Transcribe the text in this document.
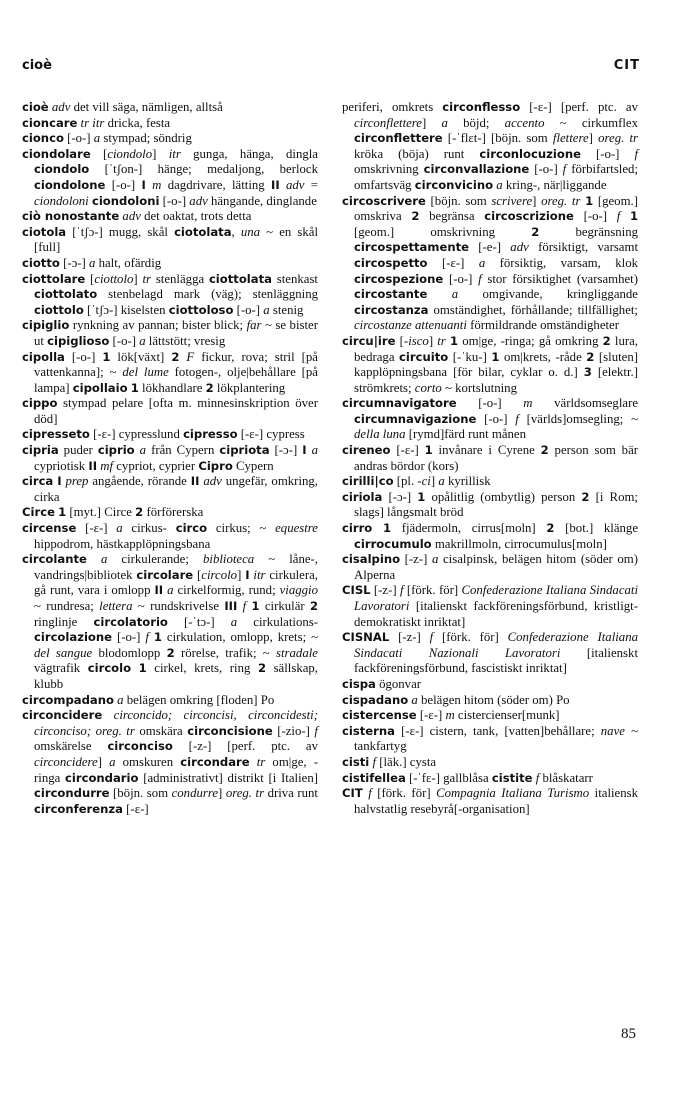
cioè	CIT

cioè adv det vill säga, nämligen, alltså

cioncare tr itr dricka, festa

cionco [-o-] a stympad; söndrig

ciondolare [ciondolo] itr gunga, hänga, dingla ciondolo [ˈtʃon-] hänge; medaljong, berlock ciondolone [-o-] I m dagdrivare, lätting II adv = ciondoloni ciondoloni [-o-] adv hängande, dinglande

ciò nonostante adv det oaktat, trots detta

ciotola [ˈtʃɔ-] mugg, skål ciotolata, una ~ en skål [full]

ciotto [-ɔ-] a halt, ofärdig

ciottolare [ciottolo] tr stenlägga ciottolata stenkast ciottolato stenbelagd mark (väg); stenläggning ciottolo [ˈtʃɔ-] kiselsten ciottoloso [-o-] a stenig

cipiglio rynkning av pannan; bister blick; far ~ se bister ut cipiglioso [-o-] a lättstött; vresig

cipolla [-o-] 1 lök[växt] 2 F fickur, rova; stril [på vattenkanna]; ~ del lume fotogen-, olje|behållare [på lampa] cipollaio 1 lökhandlare 2 lökplantering

cippo stympad pelare [ofta m. minnesinskription över död]

cipresseto [-ɛ-] cypresslund cipresso [-ɛ-] cypress

cipria puder ciprio a från Cypern cipriota [-ɔ-] I a cypriotisk II mf cypriot, cyprier Cipro Cypern

circa I prep angående, rörande II adv ungefär, omkring, cirka

Circe 1 [myt.] Circe 2 förförerska

circense [-ɛ-] a cirkus- circo cirkus; ~ equestre hippodrom, hästkapplöpningsbana

circolante a cirkulerande; biblioteca ~ låne-, vandrings|bibliotek circolare [circolo] I itr cirkulera, gå runt, vara i omlopp II a cirkelformig, rund; viaggio ~ rundresa; lettera ~ rundskrivelse III f 1 cirkulär 2 ringlinje circolatorio [-ˈtɔ-] a cirkulations- circolazione [-o-] f 1 cirkulation, omlopp, krets; ~ del sangue blodomlopp 2 rörelse, trafik; ~ stradale vägtrafik circolo 1 cirkel, krets, ring 2 sällskap, klubb

circompadano a belägen omkring [floden] Po

circoncidere circoncido; circoncisi, circoncidesti; circonciso; oreg. tr omskära circoncisione [-zio-] f omskärelse circonciso [-z-] [perf. ptc. av circoncidere] a omskuren circondare tr om|ge, -ringa circondario [administrativt] distrikt [i Italien] circondurre [böjn. som condurre] oreg. tr driva runt circonferenza [-ɛ-]

periferi, omkrets circonflesso [-ɛ-] [perf. ptc. av circonflettere] a böjd; accento ~ cirkumflex circonflettere [-ˈflɛt-] [böjn. som flettere] oreg. tr kröka (böja) runt circonlocuzione [-o-] f omskrivning circonvallazione [-o-] f förbifartsled; omfartsväg circonvicino a kring-, när|liggande

circoscrivere [böjn. som scrivere] oreg. tr 1 [geom.] omskriva 2 begränsa circoscrizione [-o-] f 1 [geom.] omskrivning 2 begränsning circospettamente [-e-] adv försiktigt, varsamt circospetto [-ɛ-] a försiktig, varsam, klok circospezione [-o-] f stor försiktighet (varsamhet) circostante a omgivande, kringliggande circostanza omständighet, förhållande; tillfällighet; circostanze attenuanti förmildrande omständigheter

circu|ire [-isco] tr 1 om|ge, -ringa; gå omkring 2 lura, bedraga circuito [-ˈku-] 1 om|krets, -råde 2 [sluten] kapplöpningsbana [för bilar, cyklar o. d.] 3 [elektr.] strömkrets; corto ~ kortslutning

circumnavigatore [-o-] m världsomseglare circumnavigazione [-o-] f [världs]omsegling; ~ della luna [rymd]färd runt månen

cireneo [-ɛ-] 1 invånare i Cyrene 2 person som bär andras bördor (kors)

cirilli|co [pl. -ci] a kyrillisk

ciriola [-ɔ-] 1 opålitlig (ombytlig) person 2 [i Rom; slags] långsmalt bröd

cirro 1 fjädermoln, cirrus[moln] 2 [bot.] klänge cirrocumulo makrillmoln, cirrocumulus[moln]

cisalpino [-z-] a cisalpinsk, belägen hitom (söder om) Alperna

CISL [-z-] f [förk. för] Confederazione Italiana Sindacati Lavoratori [italienskt fackföreningsförbund, kristligt-demokratiskt inriktat]

CISNAL [-z-] f [förk. för] Confederazione Italiana Sindacati Nazionali Lavoratori [italienskt fackföreningsförbund, fascistiskt inriktat]

cispa ögonvar

cispadano a belägen hitom (söder om) Po

cistercense [-ɛ-] m cistercienser[munk]

cisterna [-ɛ-] cistern, tank, [vatten]behållare; nave ~ tankfartyg

cisti f [läk.] cysta

cistifellea [-ˈfɛ-] gallblåsa cistite f blåskatarr

CIT f [förk. för] Compagnia Italiana Turismo italiensk halvstatlig resebyrå[-organisation]

85
